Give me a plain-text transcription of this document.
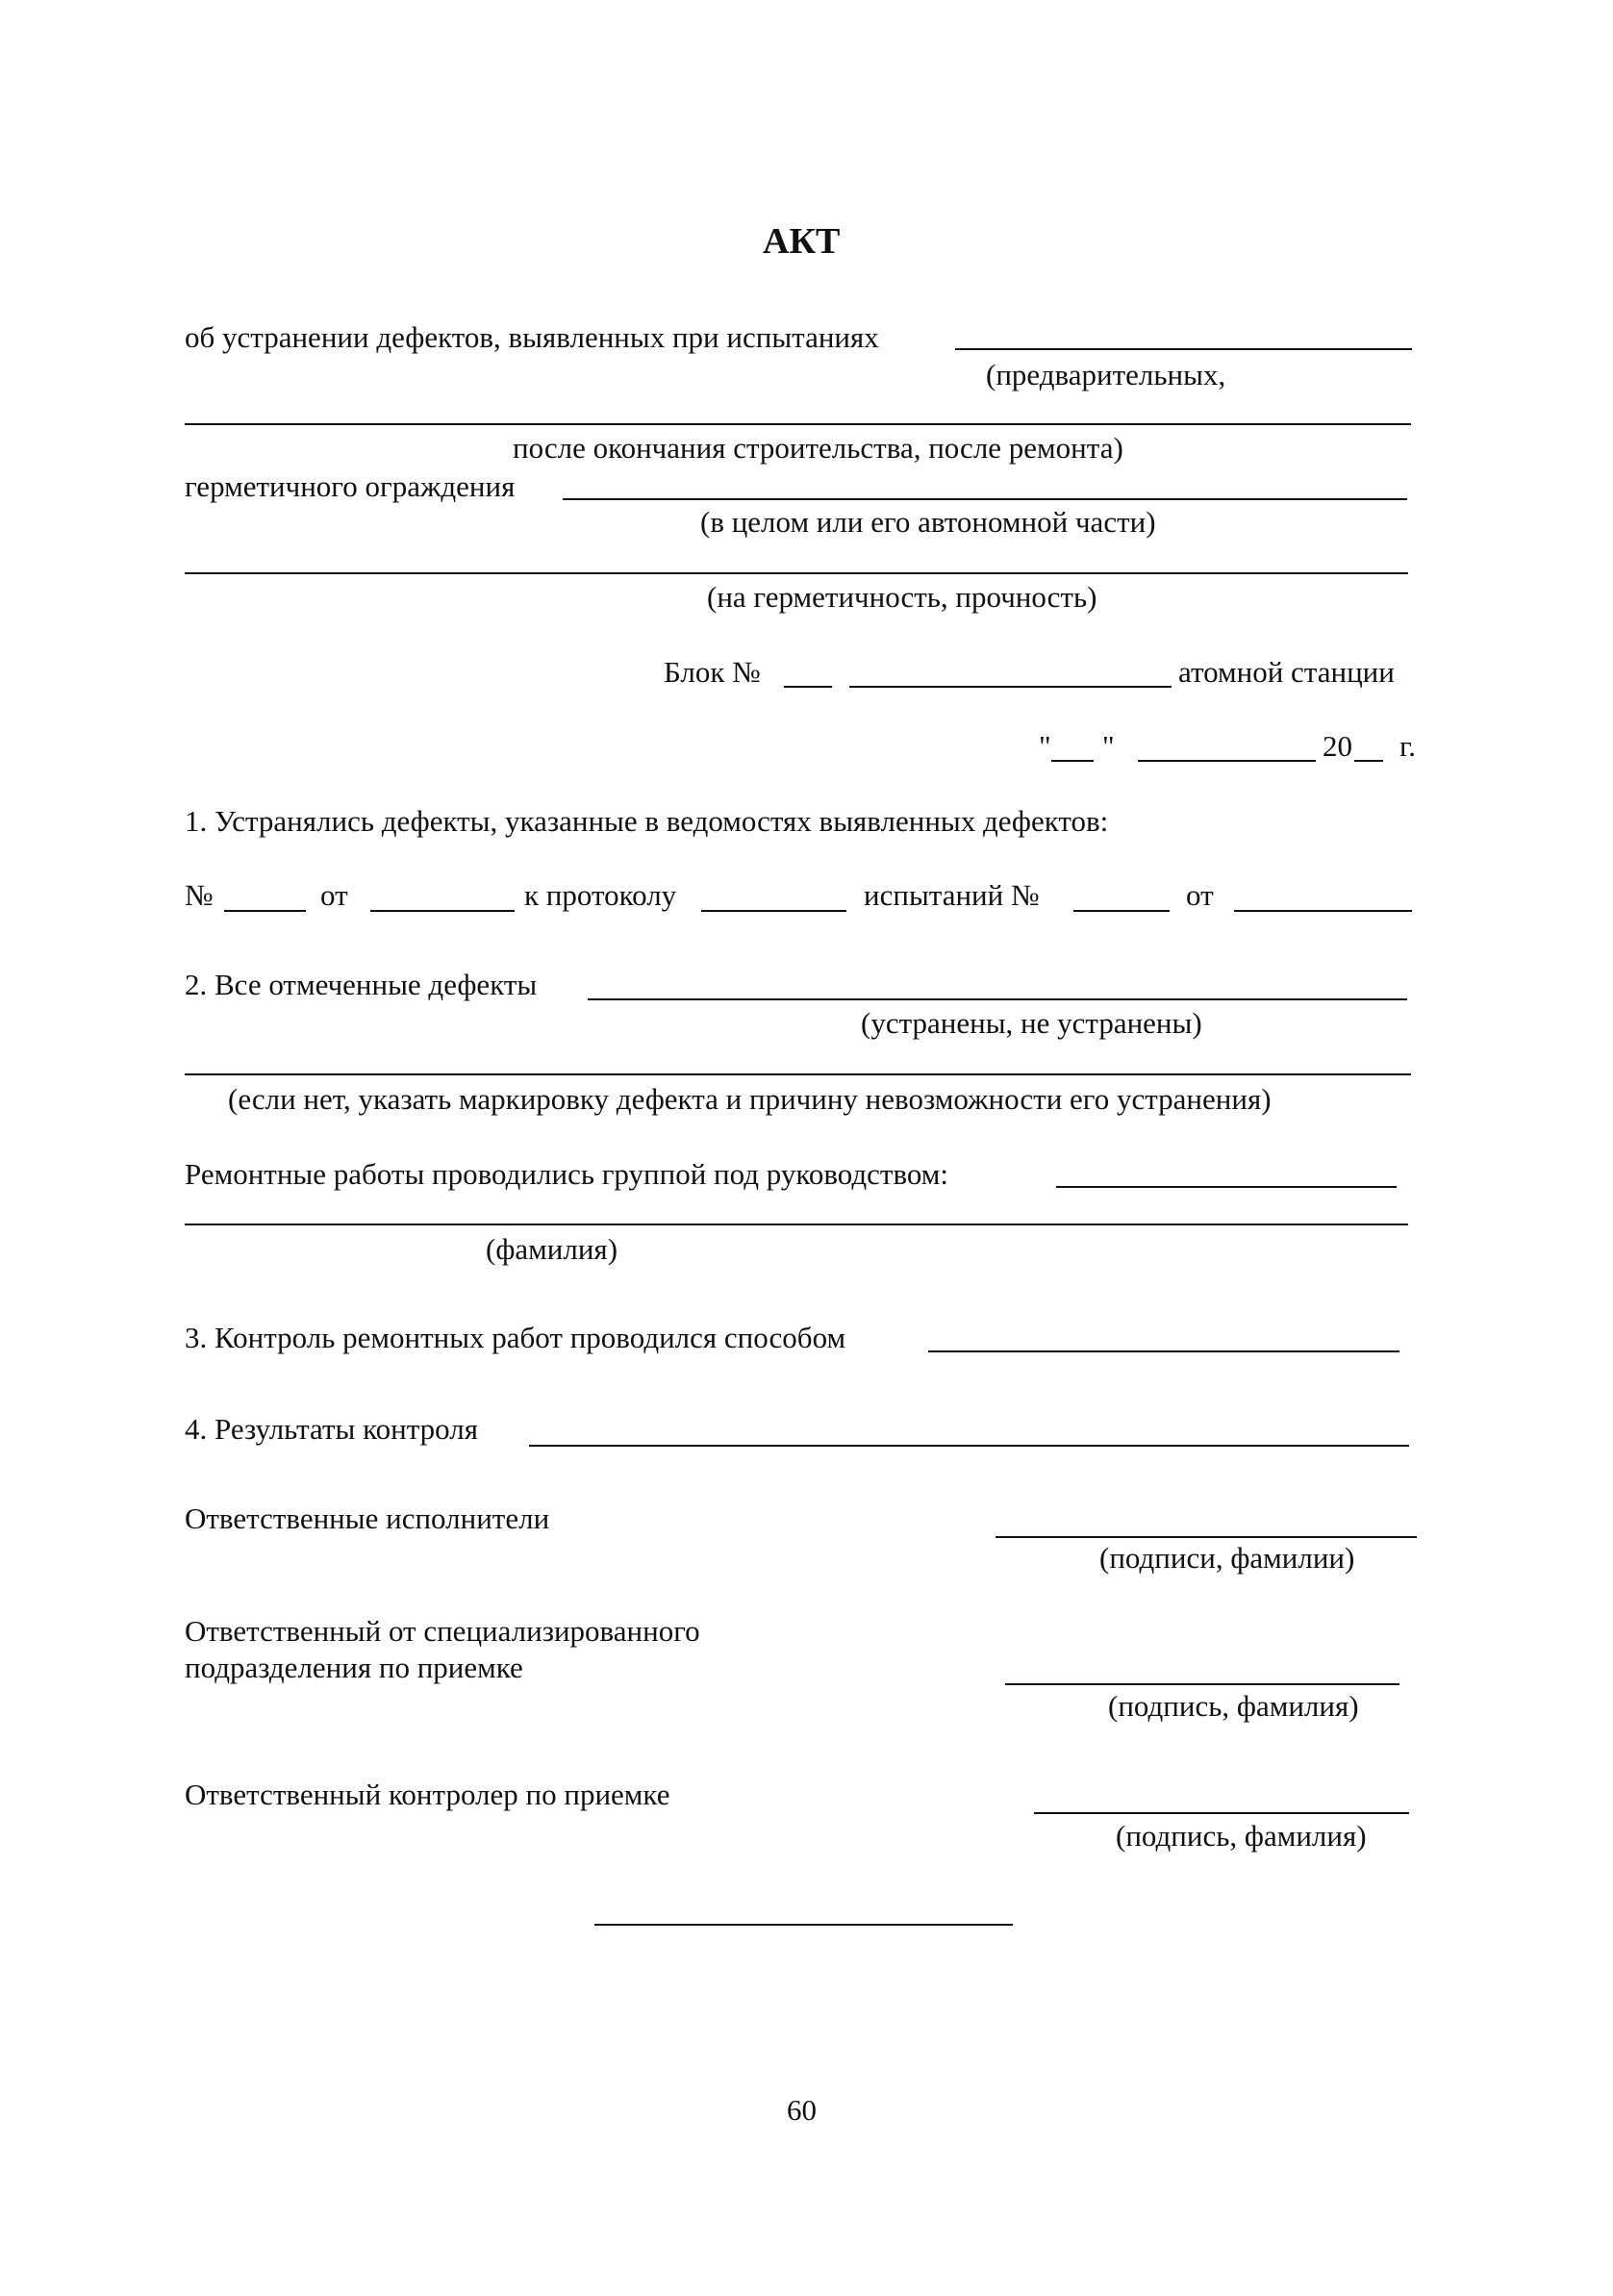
АКТ
об устранении дефектов, выявленных при испытаниях
(предварительных,
после окончания строительства, после ремонта)
герметичного ограждения
(в целом или его автономной части)
(на герметичность, прочность)
Блок №	атомной станции
" "	20 г.
1. Устранялись дефекты, указанные в ведомостях выявленных дефектов:
№	от	к протоколу	испытаний №	от
2. Все отмеченные дефекты
(устранены, не устранены)
(если нет, указать маркировку дефекта и причину невозможности его устранения)
Ремонтные работы проводились группой под руководством:
(фамилия)
3. Контроль ремонтных работ проводился способом
4. Результаты контроля
Ответственные исполнители
(подписи, фамилии)
Ответственный от специализированного
подразделения по приемке
(подпись, фамилия)
Ответственный контролер по приемке
(подпись, фамилия)
60
